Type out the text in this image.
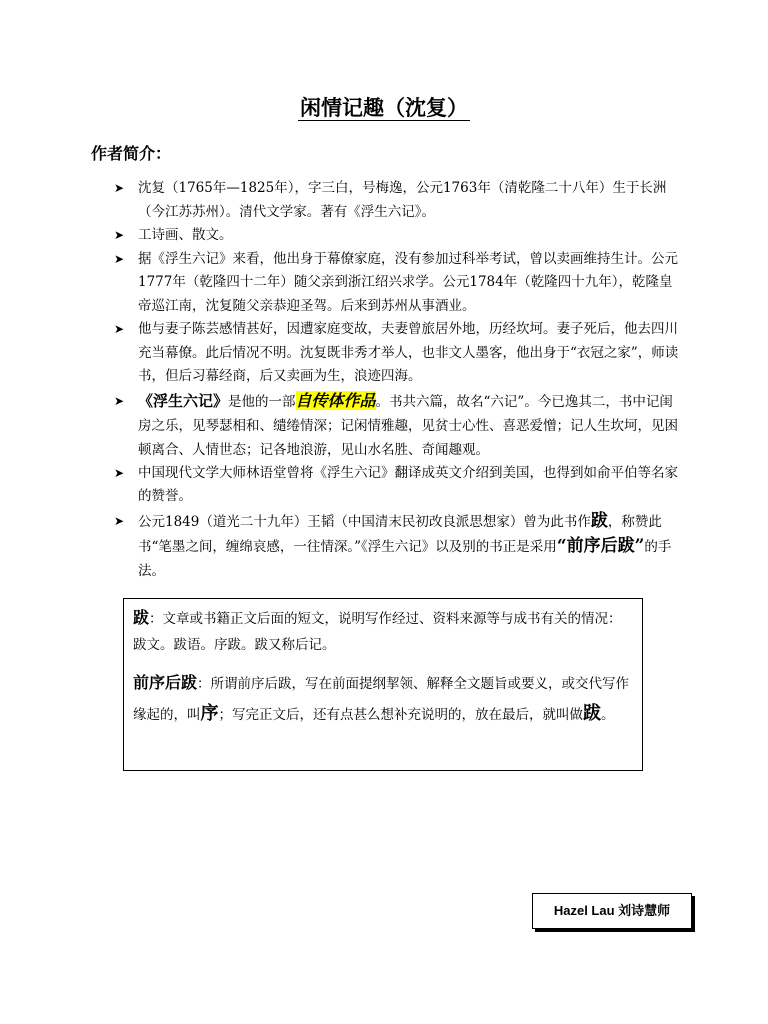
闲情记趣（沈复）
作者简介：
➤ 沈复（1765年—1825年），字三白，号梅逸，公元1763年（清乾隆二十八年）生于长洲（今江苏苏州）。清代文学家。著有《浮生六记》。
➤ 工诗画、散文。
➤ 据《浮生六记》来看，他出身于幕僚家庭，没有参加过科举考试，曾以卖画维持生计。公元1777年（乾隆四十二年）随父亲到浙江绍兴求学。公元1784年（乾隆四十九年），乾隆皇帝巡江南，沈复随父亲恭迎圣驾。后来到苏州从事酒业。
➤ 他与妻子陈芸感情甚好，因遭家庭变故，夫妻曾旅居外地，历经坎坷。妻子死后，他去四川充当幕僚。此后情况不明。沈复既非秀才举人，也非文人墨客，他出身于“衣冠之家”，师读书，但后习幕经商，后又卖画为生，浪迹四海。
➤ 《浮生六记》是他的一部自传体作品。书共六篇，故名“六记”。今已逸其二，书中记闺房之乐，见琴瑟相和、缱绻情深；记闲情雅趣，见贫士心性、喜恶爱憎；记人生坎坷，见困顿离合、人情世态；记各地浪游，见山水名胜、奇闻趣观。
➤ 中国现代文学大师林语堂曾将《浮生六记》翻译成英文介绍到美国，也得到如俞平伯等名家的赞誉。
➤ 公元1849（道光二十九年）王韬（中国清末民初改良派思想家）曾为此书作跋，称赞此书“笔墨之间，缠绵哀感，一往情深。”《浮生六记》以及别的书正是采用“前序后跋”的手法。

跋：文章或书籍正文后面的短文，说明写作经过、资料来源等与成书有关的情况：跋文。跋语。序跋。跋又称后记。

前序后跋：所谓前序后跋，写在前面提纲挈领、解释全文题旨或要义，或交代写作缘起的，叫序；写完正文后，还有点甚么想补充说明的，放在最后，就叫做跋。

Hazel Lau 刘诗慧师
